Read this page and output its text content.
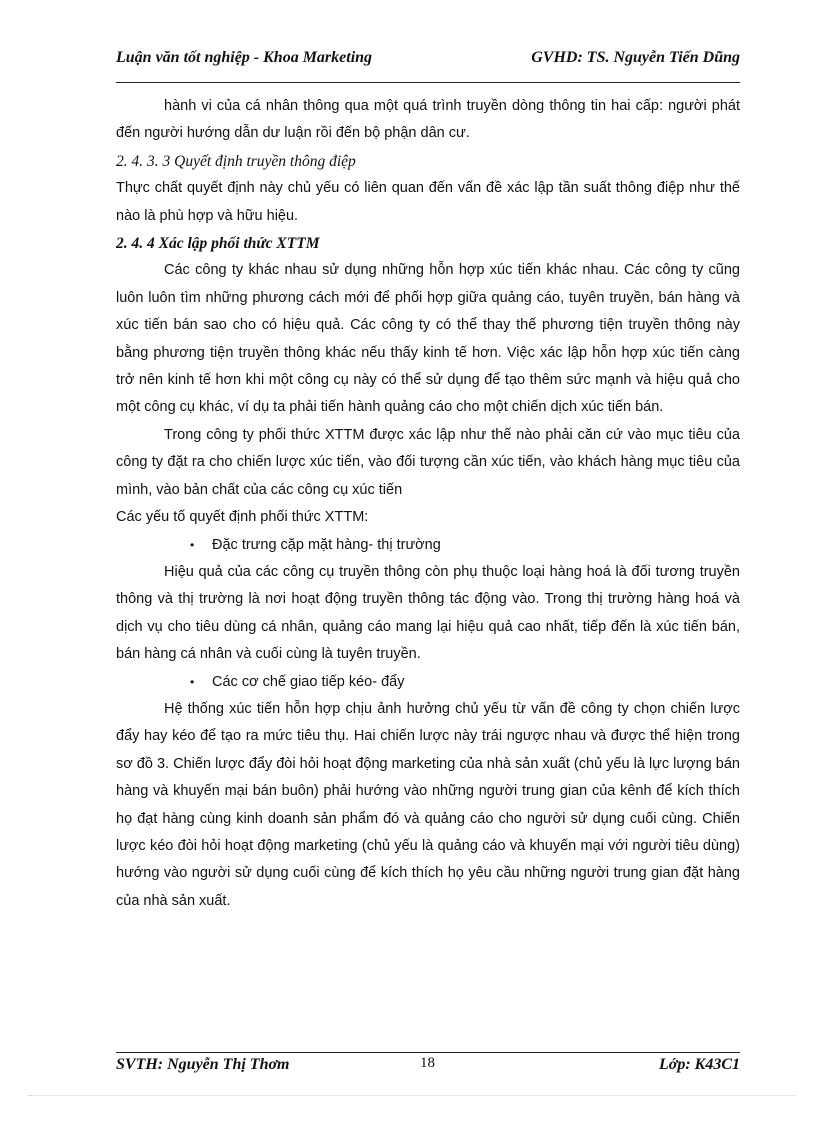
Luận văn tốt nghiệp - Khoa Marketing	GVHD: TS. Nguyễn Tiến Dũng

hành vi của cá nhân thông qua một quá trình truyền dòng thông tin hai cấp: người phát đến người hướng dẫn dư luận rồi đến bộ phận dân cư.

2. 4. 3. 3 Quyết định truyền thông điệp

Thực chất quyết định này chủ yếu có liên quan đến vấn đề xác lập tần suất thông điệp như thế nào là phù hợp và hữu hiệu.

2. 4. 4 Xác lập phối thức XTTM

Các công ty khác nhau sử dụng những hỗn hợp xúc tiến khác nhau. Các công ty cũng luôn luôn tìm những phương cách mới để phối hợp giữa quảng cáo, tuyên truyền, bán hàng và xúc tiến bán sao cho có hiệu quả. Các công ty có thể thay thế phương tiện truyền thông này bằng phương tiện truyền thông khác nếu thấy kinh tế hơn. Việc xác lập hỗn hợp xúc tiến càng trở nên kinh tế hơn khi một công cụ này có thể sử dụng để tạo thêm sức mạnh và hiệu quả cho một công cụ khác, ví dụ ta phải tiến hành quảng cáo cho một chiến dịch xúc tiến bán.

Trong công ty phối thức XTTM được xác lập như thế nào phải căn cứ vào mục tiêu của công ty đặt ra cho chiến lược xúc tiến, vào đối tượng cần xúc tiến, vào khách hàng mục tiêu của mình, vào bản chất của các công cụ xúc tiến

Các yếu tố quyết định phối thức XTTM:

• Đặc trưng cặp mặt hàng- thị trường

Hiệu quả của các công cụ truyền thông còn phụ thuộc loại hàng hoá là đối tương truyền thông và thị trường là nơi hoạt động truyền thông tác động vào. Trong thị trường hàng hoá và dịch vụ cho tiêu dùng cá nhân, quảng cáo mang lại hiệu quả cao nhất, tiếp đến là xúc tiến bán, bán hàng cá nhân và cuối cùng là tuyên truyền.

• Các cơ chế giao tiếp kéo- đẩy

Hệ thống xúc tiến hỗn hợp chịu ảnh hưởng chủ yếu từ vấn đề công ty chọn chiến lược đẩy hay kéo để tạo ra mức tiêu thụ. Hai chiến lược này trái ngược nhau và được thể hiện trong sơ đồ 3. Chiến lược đẩy đòi hỏi hoạt động marketing của nhà sản xuất (chủ yếu là lực lượng bán hàng và khuyến mại bán buôn) phải hướng vào những người trung gian của kênh để kích thích họ đạt hàng cùng kinh doanh sản phẩm đó và quảng cáo cho người sử dụng cuối cùng. Chiến lược kéo đòi hỏi hoạt động marketing (chủ yếu là quảng cáo và khuyến mại với người tiêu dùng) hướng vào người sử dụng cuối cùng để kích thích họ yêu cầu những người trung gian đặt hàng của nhà sản xuất.

SVTH: Nguyễn Thị Thơm	18	Lớp: K43C1
